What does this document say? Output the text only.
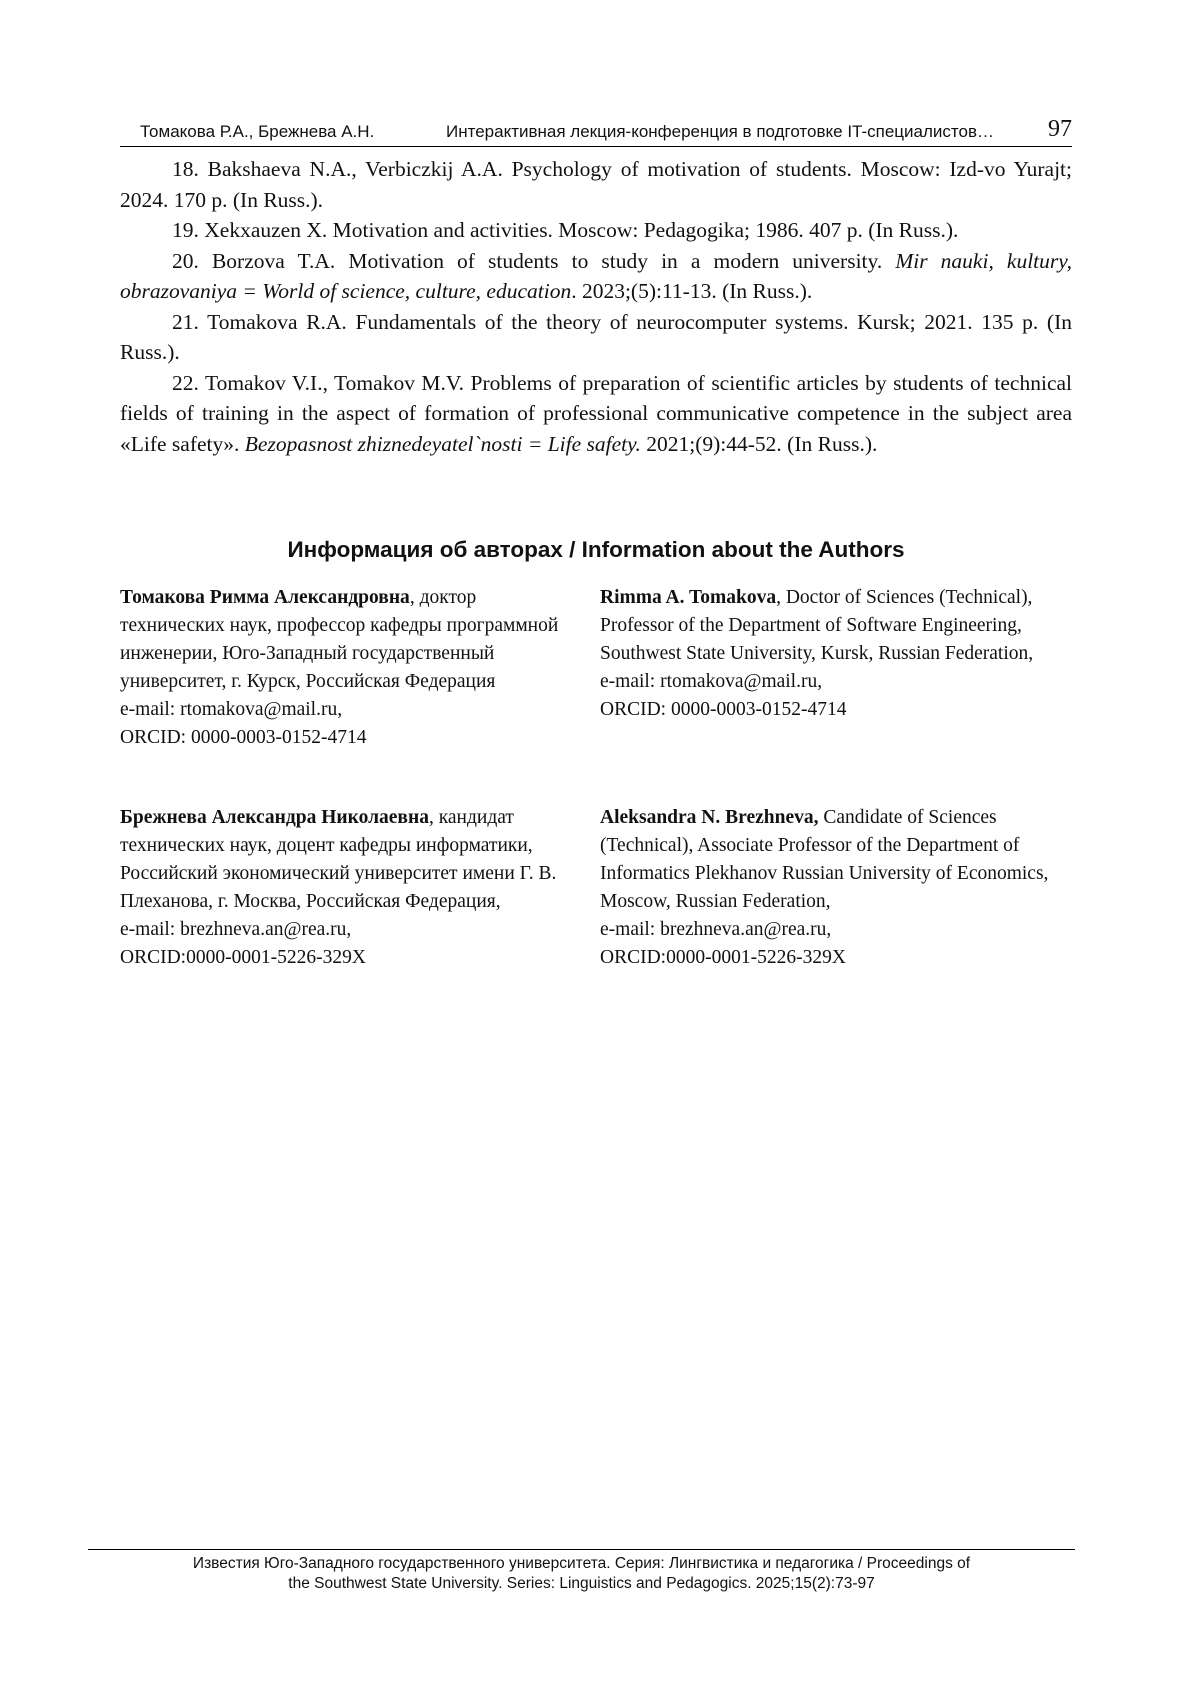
Томакова Р.А., Брежнева А.Н.	Интерактивная лекция-конференция в подготовке IT-специалистов… 97

18. Bakshaeva N.A., Verbiczkij A.A. Psychology of motivation of students. Moscow: Izd-vo Yurajt; 2024. 170 p. (In Russ.).

19. Xekxauzen X. Motivation and activities. Moscow: Pedagogika; 1986. 407 p. (In Russ.).

20. Borzova T.A. Motivation of students to study in a modern university. Mir nauki, kultury, obrazovaniya = World of science, culture, education. 2023;(5):11-13. (In Russ.).

21. Tomakova R.A. Fundamentals of the theory of neurocomputer systems. Kursk; 2021. 135 p. (In Russ.).

22. Tomakov V.I., Tomakov M.V. Problems of preparation of scientific articles by students of technical fields of training in the aspect of formation of professional communicative competence in the subject area «Life safety». Bezopasnost zhiznedeyatel`nosti = Life safety. 2021;(9):44-52. (In Russ.).

Информация об авторах / Information about the Authors

Томакова Римма Александровна, доктор технических наук, профессор кафедры программной инженерии, Юго-Западный государственный университет, г. Курск, Российская Федерация

e-mail: rtomakova@mail.ru,

ORCID: 0000-0003-0152-4714

Rimma A. Tomakova, Doctor of Sciences (Technical), Professor of the Department of Software Engineering, Southwest State University, Kursk, Russian Federation,

e-mail: rtomakova@mail.ru,

ORCID: 0000-0003-0152-4714

Брежнева Александра Николаевна, кандидат технических наук, доцент кафедры информатики, Российский экономический университет имени Г. В. Плеханова, г. Москва, Российская Федерация,

e-mail: brezhneva.an@rea.ru,

ORCID:0000-0001-5226-329X

Aleksandra N. Brezhneva, Candidate of Sciences (Technical), Associate Professor of the Department of Informatics Plekhanov Russian University of Economics, Moscow, Russian Federation,

e-mail: brezhneva.an@rea.ru,

ORCID:0000-0001-5226-329X

Известия Юго-Западного государственного университета. Серия: Лингвистика и педагогика / Proceedings of
the Southwest State University. Series: Linguistics and Pedagogics. 2025;15(2):73-97
